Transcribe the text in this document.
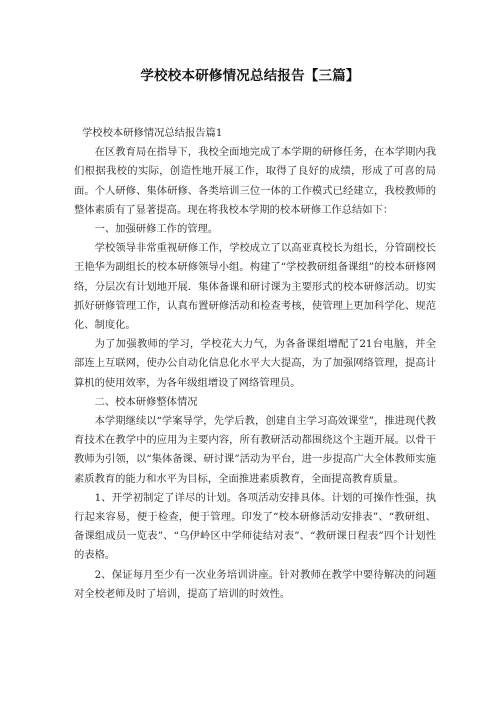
学校校本研修情况总结报告【三篇】

学校校本研修情况总结报告篇1

在区教育局在指导下，我校全面地完成了本学期的研修任务，在本学期内我们根据我校的实际，创造性地开展工作，取得了良好的成绩，形成了可喜的局面。个人研修、集体研修、各类培训三位一体的工作模式已经建立，我校教师的整体素质有了显著提高。现在将我校本学期的校本研修工作总结如下：

一、加强研修工作的管理。

学校领导非常重视研修工作，学校成立了以高亚真校长为组长，分管副校长王艳华为副组长的校本研修领导小组。构建了“学校教研组备课组”的校本研修网络，分层次有计划地开展．集体备课和研讨课为主要形式的校本研修活动。切实抓好研修管理工作，认真布置研修活动和检查考核，使管理上更加科学化、规范化、制度化。

为了加强教师的学习，学校花大力气，为各备课组增配了21台电脑，并全部连上互联网，使办公自动化信息化水平大大提高，为了加强网络管理，提高计算机的使用效率，为各年级组增设了网络管理员。

二、校本研修整体情况

本学期继续以“学案导学，先学后教，创建自主学习高效课堂”，推进现代教育技术在教学中的应用为主要内容，所有教研活动都围绕这个主题开展。以骨干教师为引领，以“集体备课、研讨课”活动为平台，进一步提高广大全体教师实施素质教育的能力和水平为目标，全面推进素质教育，全面提高教育质量。

1、开学初制定了详尽的计划。各项活动安排具体。计划的可操作性强，执行起来容易，便于检查，便于管理。印发了“校本研修活动安排表”、“教研组、备课组成员一览表”、“乌伊岭区中学师徒结对表”、“教研课日程表”四个计划性的表格。

2、保证每月至少有一次业务培训讲座。针对教师在教学中要待解决的问题对全校老师及时了培训，提高了培训的时效性。
